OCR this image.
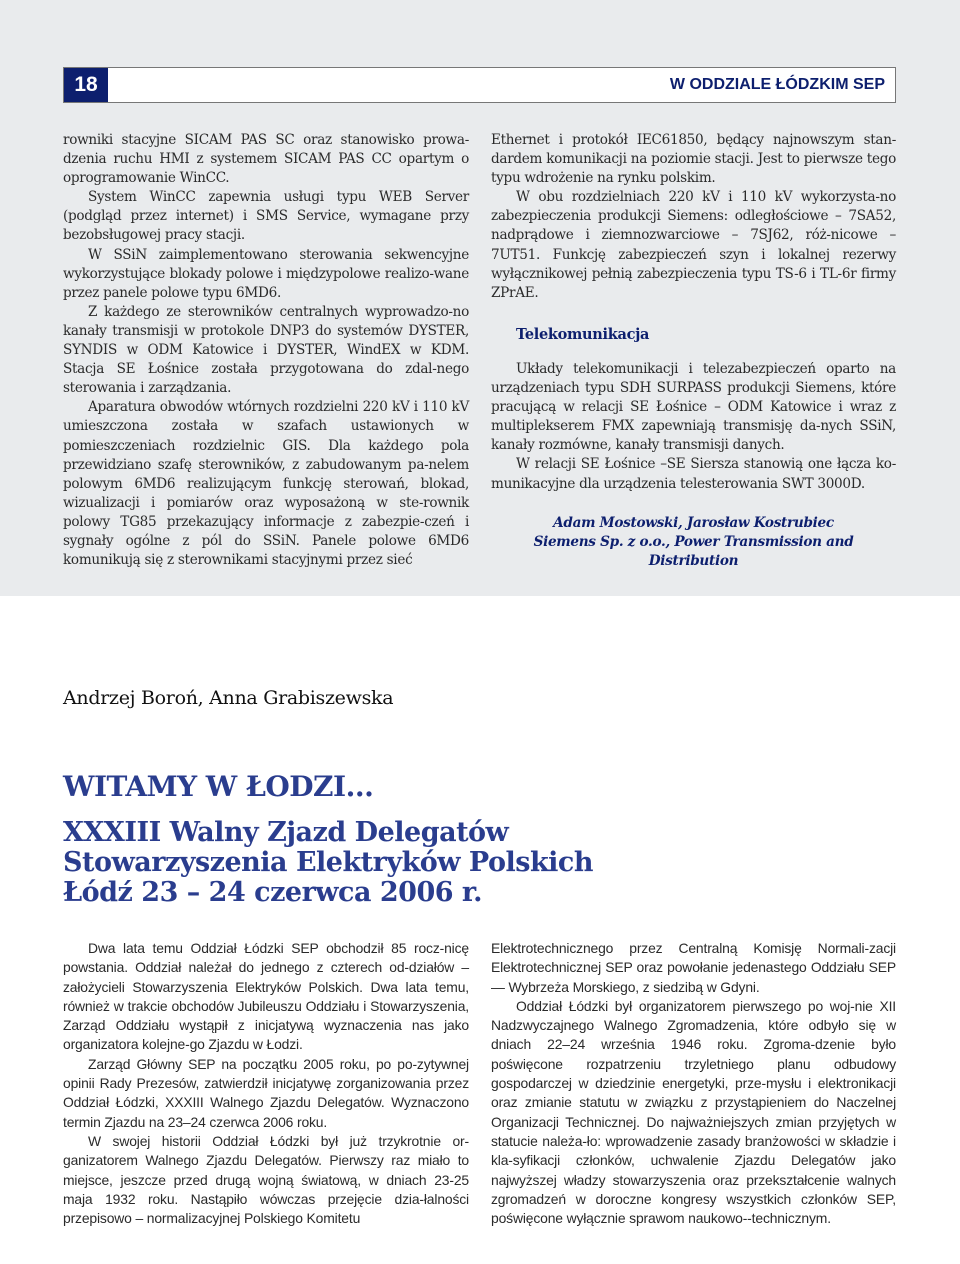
18	W ODDZIALE ŁÓDZKIM SEP

rowniki stacyjne SICAM PAS SC oraz stanowisko prowa-dzenia ruchu HMI z systemem SICAM PAS CC opartym o oprogramowanie WinCC.

System WinCC zapewnia usługi typu WEB Server (podgląd przez internet) i SMS Service, wymagane przy bezobsługowej pracy stacji.

W SSiN zaimplementowano sterowania sekwencyjne wykorzystujące blokady polowe i międzypolowe realizo-wane przez panele polowe typu 6MD6.

Z każdego ze sterowników centralnych wyprowadzo-no kanały transmisji w protokole DNP3 do systemów DYSTER, SYNDIS w ODM Katowice i DYSTER, WindEX w KDM. Stacja SE Łośnice została przygotowana do zdal-nego sterowania i zarządzania.

Aparatura obwodów wtórnych rozdzielni 220 kV i 110 kV umieszczona została w szafach ustawionych w pomieszczeniach rozdzielnic GIS. Dla każdego pola przewidziano szafę sterowników, z zabudowanym pa-nelem polowym 6MD6 realizującym funkcję sterowań, blokad, wizualizacji i pomiarów oraz wyposażoną w ste-rownik polowy TG85 przekazujący informacje z zabezpie-czeń i sygnały ogólne z pól do SSiN. Panele polowe 6MD6 komunikują się z sterownikami stacyjnymi przez sieć

Ethernet i protokół IEC61850, będący najnowszym stan-dardem komunikacji na poziomie stacji. Jest to pierwsze tego typu wdrożenie na rynku polskim.

W obu rozdzielniach 220 kV i 110 kV wykorzysta-no zabezpieczenia produkcji Siemens: odległościowe – 7SA52, nadprądowe i ziemnozwarciowe – 7SJ62, róż-nicowe – 7UT51. Funkcję zabezpieczeń szyn i lokalnej rezerwy wyłącznikowej pełnią zabezpieczenia typu TS-6 i TL-6r firmy ZPrAE.

Telekomunikacja

Układy telekomunikacji i telezabezpieczeń oparto na urządzeniach typu SDH SURPASS produkcji Siemens, które pracującą w relacji SE Łośnice – ODM Katowice i wraz z multiplekserem FMX zapewniają transmisję da-nych SSiN, kanały rozmówne, kanały transmisji danych.

W relacji SE Łośnice –SE Siersza stanowią one łącza ko-munikacyjne dla urządzenia telesterowania SWT 3000D.

Adam Mostowski, Jarosław Kostrubiec
Siemens Sp. z o.o., Power Transmission and Distribution
Andrzej Boroń, Anna Grabiszewska
WITAMY W ŁODZI...
XXXIII Walny Zjazd Delegatów
Stowarzyszenia Elektryków Polskich
Łódź 23 – 24 czerwca 2006 r.

Dwa lata temu Oddział Łódzki SEP obchodził 85 rocz-nicę powstania. Oddział należał do jednego z czterech od-działów – założycieli Stowarzyszenia Elektryków Polskich. Dwa lata temu, również w trakcie obchodów Jubileuszu Oddziału i Stowarzyszenia, Zarząd Oddziału wystąpił z inicjatywą wyznaczenia nas jako organizatora kolejne-go Zjazdu w Łodzi.

Zarząd Główny SEP na początku 2005 roku, po po-zytywnej opinii Rady Prezesów, zatwierdził inicjatywę zorganizowania przez Oddział Łódzki, XXXIII Walnego Zjazdu Delegatów. Wyznaczono termin Zjazdu na 23–24 czerwca 2006 roku.

W swojej historii Oddział Łódzki był już trzykrotnie or-ganizatorem Walnego Zjazdu Delegatów. Pierwszy raz miało to miejsce, jeszcze przed drugą wojną światową, w dniach 23-25 maja 1932 roku. Nastąpiło wówczas przejęcie dzia-łalności przepisowo – normalizacyjnej Polskiego Komitetu

Elektrotechnicznego przez Centralną Komisję Normali-zacji Elektrotechnicznej SEP oraz powołanie jedenastego Oddziału SEP — Wybrzeża Morskiego, z siedzibą w Gdyni.

Oddział Łódzki był organizatorem pierwszego po woj-nie XII Nadzwyczajnego Walnego Zgromadzenia, które odbyło się w dniach 22–24 września 1946 roku. Zgroma-dzenie było poświęcone rozpatrzeniu trzyletniego planu odbudowy gospodarczej w dziedzinie energetyki, prze-mysłu i elektronikacji oraz zmianie statutu w związku z przystąpieniem do Naczelnej Organizacji Technicznej. Do najważniejszych zmian przyjętych w statucie należa-ło: wprowadzenie zasady branżowości w składzie i kla-syfikacji członków, uchwalenie Zjazdu Delegatów jako najwyższej władzy stowarzyszenia oraz przekształcenie walnych zgromadzeń w doroczne kongresy wszystkich członków SEP, poświęcone wyłącznie sprawom naukowo--technicznym.
